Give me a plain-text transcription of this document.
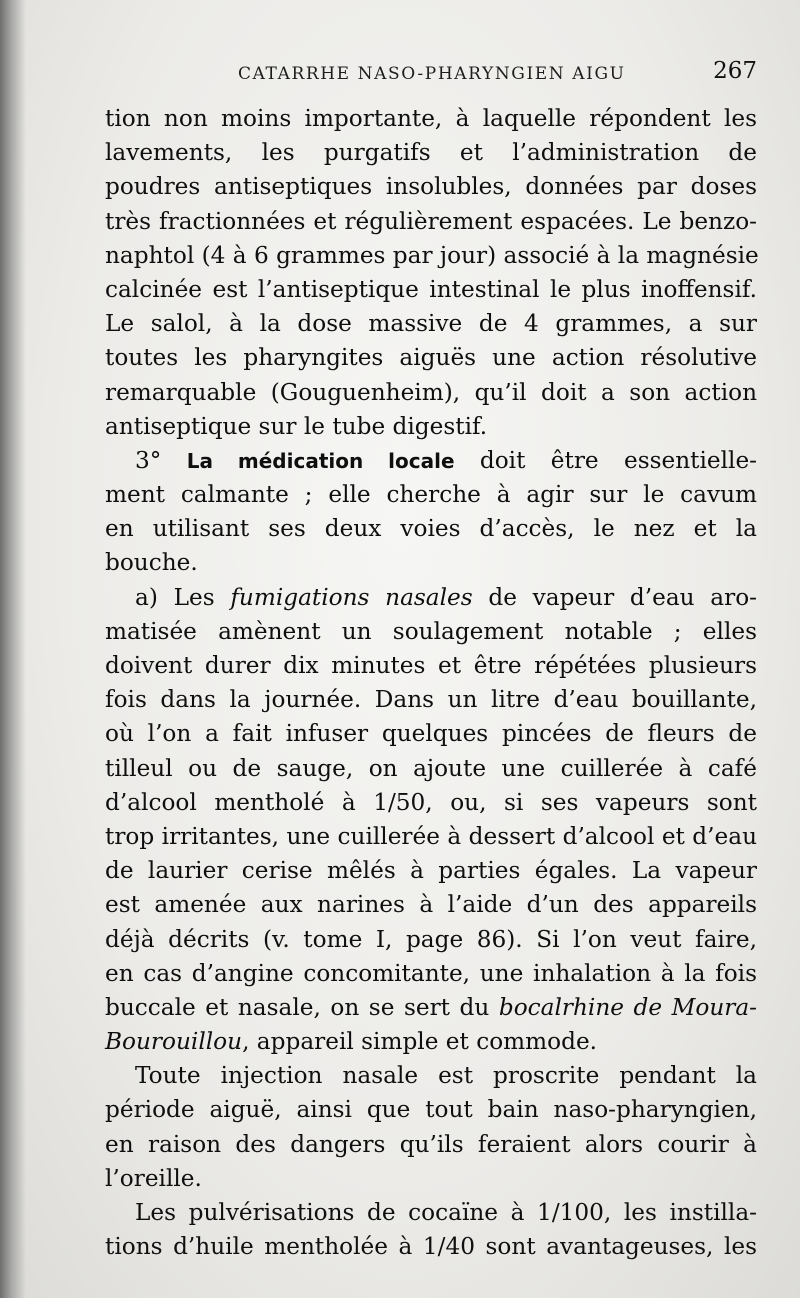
CATARRHE NASO-PHARYNGIEN AIGU	267
tion non moins importante, à laquelle répondent les
lavements, les purgatifs et l’administration de
poudres antiseptiques insolubles, données par doses
très fractionnées et régulièrement espacées. Le benzo-
naphtol (4 à 6 grammes par jour) associé à la magnésie
calcinée est l’antiseptique intestinal le plus inoffensif.
Le salol, à la dose massive de 4 grammes, a sur
toutes les pharyngites aiguës une action résolutive
remarquable (Gouguenheim), qu’il doit a son action
antiseptique sur le tube digestif.
3° La médication locale doit être essentielle-
ment calmante ; elle cherche à agir sur le cavum
en utilisant ses deux voies d’accès, le nez et la
bouche.
a) Les fumigations nasales de vapeur d’eau aro-
matisée amènent un soulagement notable ; elles
doivent durer dix minutes et être répétées plusieurs
fois dans la journée. Dans un litre d’eau bouillante,
où l’on a fait infuser quelques pincées de fleurs de
tilleul ou de sauge, on ajoute une cuillerée à café
d’alcool mentholé à 1/50, ou, si ses vapeurs sont
trop irritantes, une cuillerée à dessert d’alcool et d’eau
de laurier cerise mêlés à parties égales. La vapeur
est amenée aux narines à l’aide d’un des appareils
déjà décrits (v. tome I, page 86). Si l’on veut faire,
en cas d’angine concomitante, une inhalation à la fois
buccale et nasale, on se sert du bocalrhine de Moura-
Bourouillou, appareil simple et commode.
Toute injection nasale est proscrite pendant la
période aiguë, ainsi que tout bain naso-pharyngien,
en raison des dangers qu’ils feraient alors courir à
l’oreille.
Les pulvérisations de cocaïne à 1/100, les instilla-
tions d’huile mentholée à 1/40 sont avantageuses, les
